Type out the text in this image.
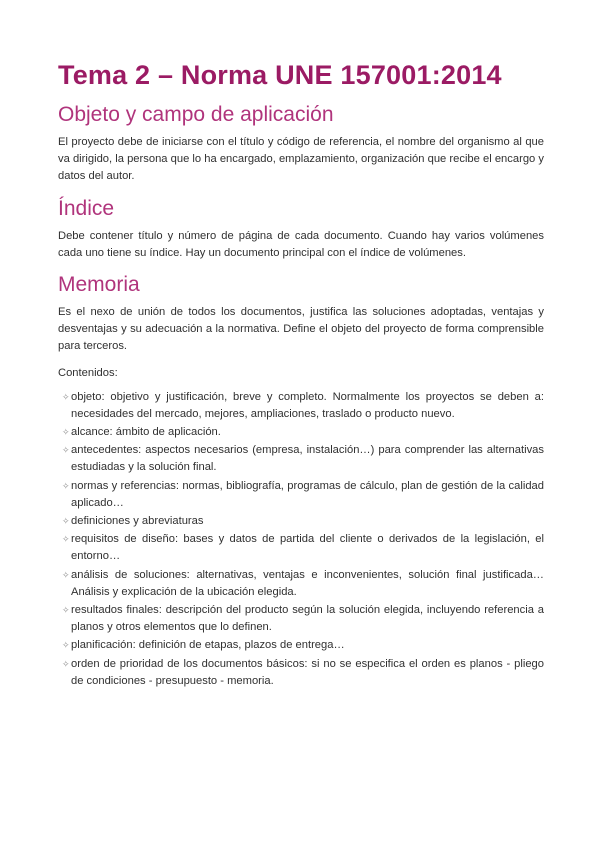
Tema 2 – Norma UNE 157001:2014
Objeto y campo de aplicación

El proyecto debe de iniciarse con el título y código de referencia, el nombre del organismo al que va dirigido, la persona que lo ha encargado, emplazamiento, organización que recibe el encargo y datos del autor.

Índice

Debe contener título y número de página de cada documento. Cuando hay varios volúmenes cada uno tiene su índice. Hay un documento principal con el índice de volúmenes.

Memoria

Es el nexo de unión de todos los documentos, justifica las soluciones adoptadas, ventajas y desventajas y su adecuación a la normativa. Define el objeto del proyecto de forma comprensible para terceros.

Contenidos:

✧ objeto: objetivo y justificación, breve y completo. Normalmente los proyectos se deben a: necesidades del mercado, mejores, ampliaciones, traslado o producto nuevo.
✧ alcance: ámbito de aplicación.
✧ antecedentes: aspectos necesarios (empresa, instalación…) para comprender las alternativas estudiadas y la solución final.
✧ normas y referencias: normas, bibliografía, programas de cálculo, plan de gestión de la calidad aplicado…
✧ definiciones y abreviaturas
✧ requisitos de diseño: bases y datos de partida del cliente o derivados de la legislación, el entorno…
✧ análisis de soluciones: alternativas, ventajas e inconvenientes, solución final justificada… Análisis y explicación de la ubicación elegida.
✧ resultados finales: descripción del producto según la solución elegida, incluyendo referencia a planos y otros elementos que lo definen.
✧ planificación: definición de etapas, plazos de entrega…
✧ orden de prioridad de los documentos básicos: si no se especifica el orden es planos - pliego de condiciones - presupuesto - memoria.
